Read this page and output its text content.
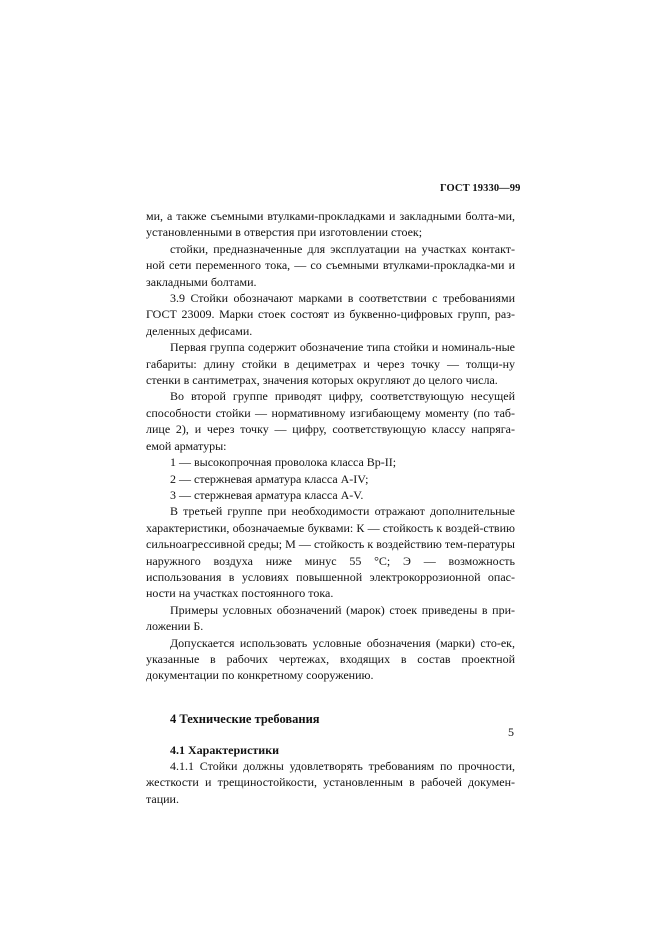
ГОСТ 19330—99

ми, а также съемными втулками-прокладками и закладными болта-ми, установленными в отверстия при изготовлении стоек;

стойки, предназначенные для эксплуатации на участках контакт-ной сети переменного тока, — со съемными втулками-прокладка-ми и закладными болтами.

3.9 Стойки обозначают марками в соответствии с требованиями ГОСТ 23009. Марки стоек состоят из буквенно-цифровых групп, раз-деленных дефисами.

Первая группа содержит обозначение типа стойки и номиналь-ные габариты: длину стойки в дециметрах и через точку — толщи-ну стенки в сантиметрах, значения которых округляют до целого числа.

Во второй группе приводят цифру, соответствующую несущей способности стойки — нормативному изгибающему моменту (по таб-лице 2), и через точку — цифру, соответствующую классу напряга-емой арматуры:

1 — высокопрочная проволока класса Вр-II;

2 — стержневая арматура класса A-IV;

3 — стержневая арматура класса A-V.

В третьей группе при необходимости отражают дополнительные характеристики, обозначаемые буквами: К — стойкость к воздей-ствию сильноагрессивной среды; М — стойкость к воздействию тем-пературы наружного воздуха ниже минус 55 °С; Э — возможность использования в условиях повышенной электрокоррозионной опас-ности на участках постоянного тока.

Примеры условных обозначений (марок) стоек приведены в при-ложении Б.

Допускается использовать условные обозначения (марки) сто-ек, указанные в рабочих чертежах, входящих в состав проектной документации по конкретному сооружению.

4 Технические требования
4.1 Характеристики

4.1.1 Стойки должны удовлетворять требованиям по прочности, жесткости и трещиностойкости, установленным в рабочей докумен-тации.

5
